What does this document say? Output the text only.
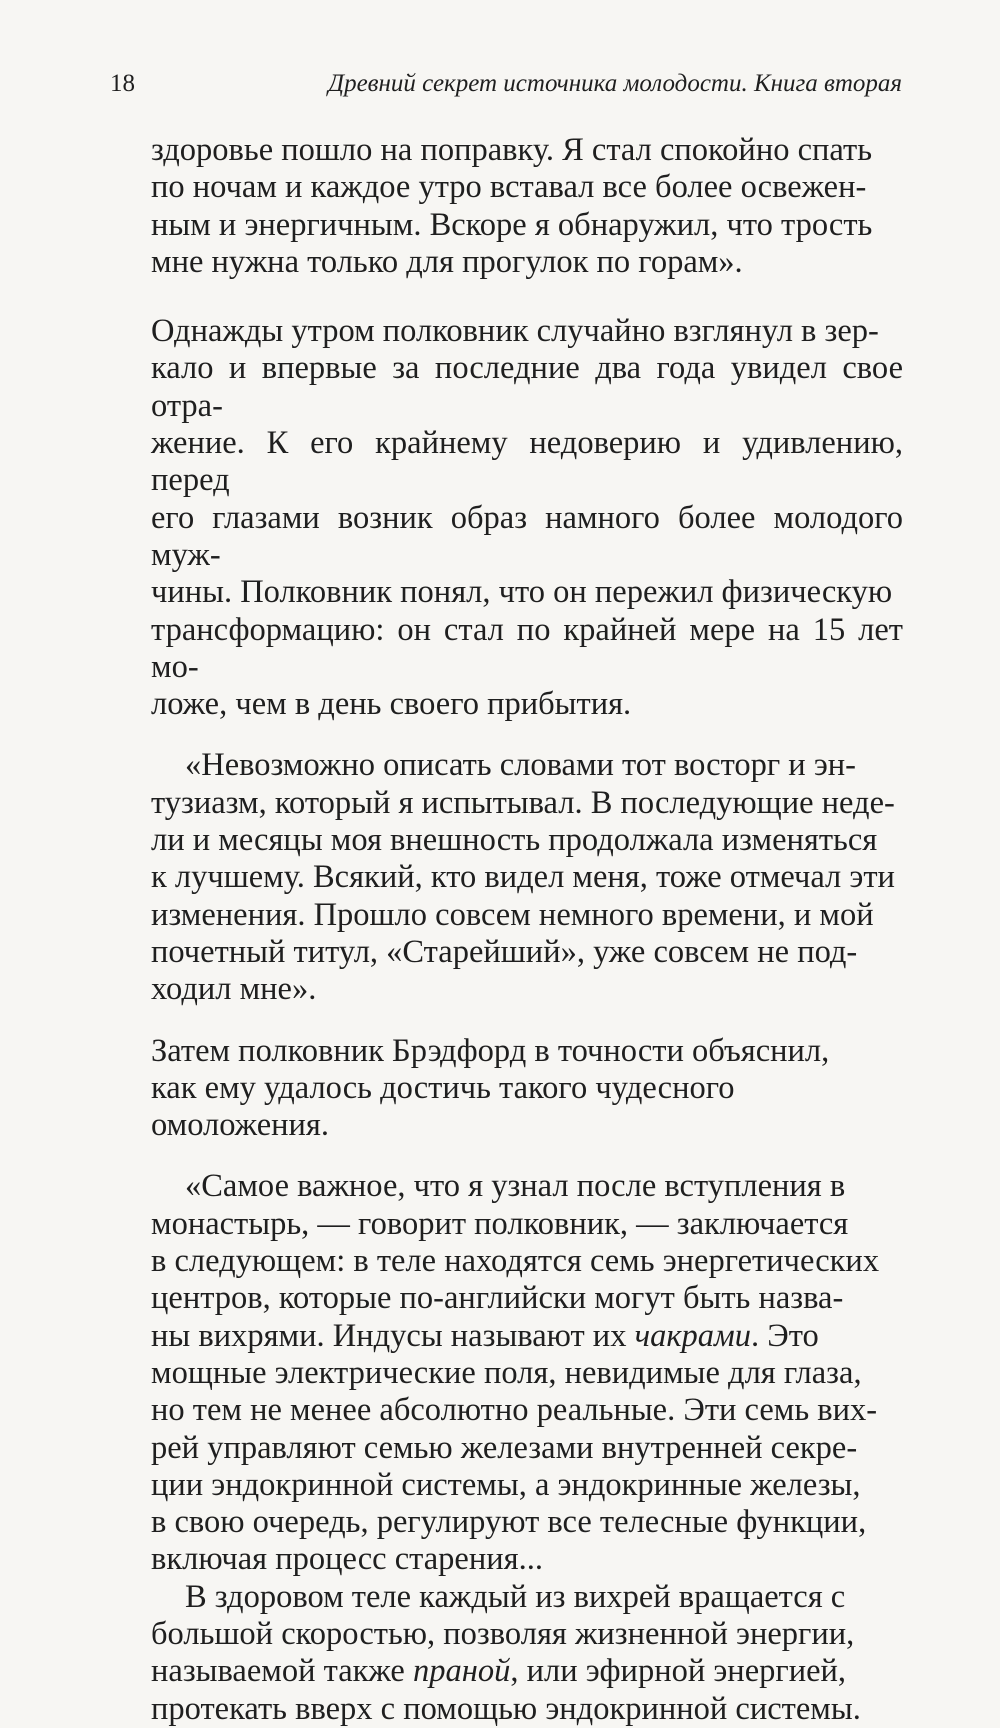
18	Древний секрет источника молодости. Книга вторая

здоровье пошло на поправку. Я стал спокойно спать
по ночам и каждое утро вставал все более освежен-
ным и энергичным. Вскоре я обнаружил, что трость
мне нужна только для прогулок по горам».

Однажды утром полковник случайно взглянул в зер-
кало и впервые за последние два года увидел свое отра-
жение. К его крайнему недоверию и удивлению, перед
его глазами возник образ намного более молодого муж-
чины. Полковник понял, что он пережил физическую
трансформацию: он стал по крайней мере на 15 лет мо-
ложе, чем в день своего прибытия.

«Невозможно описать словами тот восторг и эн-
тузиазм, который я испытывал. В последующие неде-
ли и месяцы моя внешность продолжала изменяться
к лучшему. Всякий, кто видел меня, тоже отмечал эти
изменения. Прошло совсем немного времени, и мой
почетный титул, «Старейший», уже совсем не под-
ходил мне».

Затем полковник Брэдфорд в точности объяснил,
как ему удалось достичь такого чудесного омоложения.

«Самое важное, что я узнал после вступления в
монастырь, — говорит полковник, — заключается
в следующем: в теле находятся семь энергетических
центров, которые по-английски могут быть назва-
ны вихрями. Индусы называют их чакрами. Это
мощные электрические поля, невидимые для глаза,
но тем не менее абсолютно реальные. Эти семь вих-
рей управляют семью железами внутренней секре-
ции эндокринной системы, а эндокринные железы,
в свою очередь, регулируют все телесные функции,
включая процесс старения...

В здоровом теле каждый из вихрей вращается с
большой скоростью, позволяя жизненной энергии,
называемой также праной, или эфирной энергией,
протекать вверх с помощью эндокринной системы.
